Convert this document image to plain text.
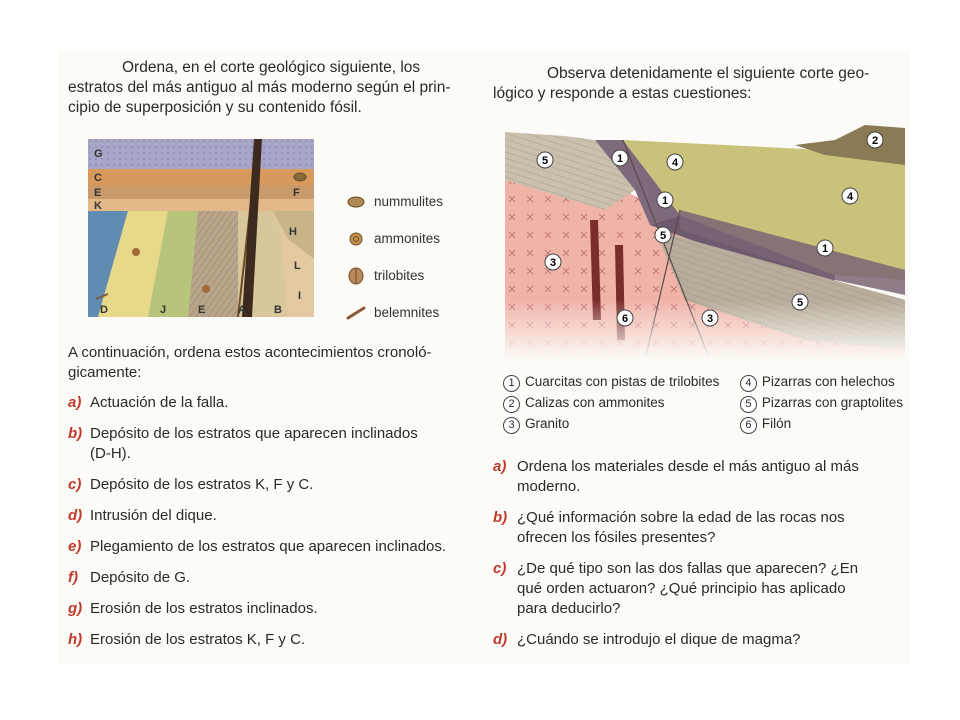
Ordena, en el corte geológico siguiente, los
estratos del más antiguo al más moderno según el prin-
cipio de superposición y su contenido fósil.
G
C
E
K
F
H
L
I
D	J	E	A	B
nummulites
ammonites
trilobites
belemnites
A continuación, ordena estos acontecimientos cronoló-
gicamente:
a) Actuación de la falla.
b) Depósito de los estratos que aparecen inclinados
(D-H).
c) Depósito de los estratos K, F y C.
d) Intrusión del dique.
e) Plegamiento de los estratos que aparecen inclinados.
f) Depósito de G.
g) Erosión de los estratos inclinados.
h) Erosión de los estratos K, F y C.
Observa detenidamente el siguiente corte geo-
lógico y responde a estas cuestiones:
5	1	4
2
1
5
4
3
1
5
6	3
1 Cuarcitas con pistas de trilobites
2 Calizas con ammonites
3 Granito
4 Pizarras con helechos
5 Pizarras con graptolites
6 Filón
a) Ordena los materiales desde el más antiguo al más
moderno.
b) ¿Qué información sobre la edad de las rocas nos
ofrecen los fósiles presentes?
c) ¿De qué tipo son las dos fallas que aparecen? ¿En
qué orden actuaron? ¿Qué principio has aplicado
para deducirlo?
d) ¿Cuándo se introdujo el dique de magma?
